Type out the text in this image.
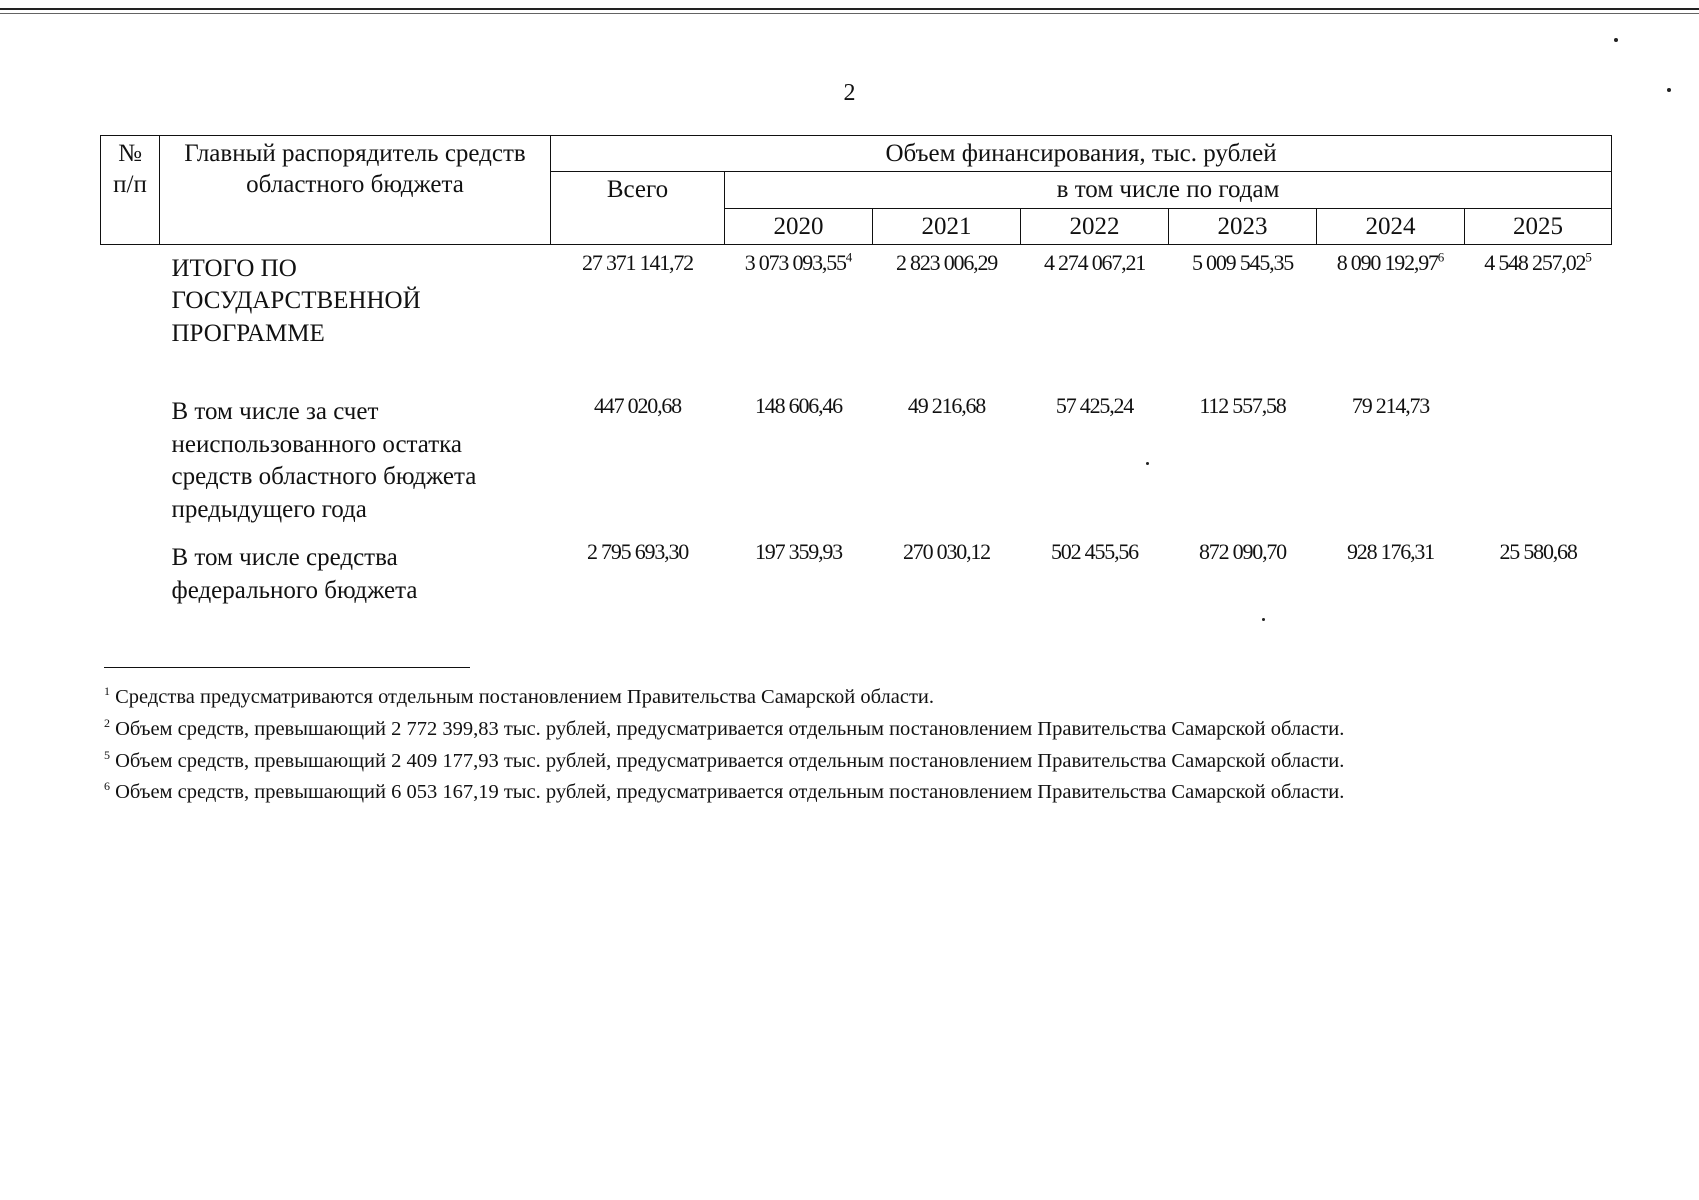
2
№ п/п	Главный распорядитель средств областного бюджета	Объем финансирования, тыс. рублей						
		Всего	в том числе по годам					
			2020	2021	2022	2023	2024	2025
	ИТОГО ПО ГОСУДАРСТВЕННОЙ ПРОГРАММЕ	27 371 141,72	3 073 093,55$^4$	2 823 006,29	4 274 067,21	5 009 545,35	8 090 192,97$^6$	4 548 257,02$^5$

	В том числе за счет неиспользованного остатка средств областного бюджета предыдущего года	447 020,68	148 606,46	49 216,68	57 425,24	112 557,58	79 214,73	
	В том числе средства федерального бюджета	2 795 693,30	197 359,93	270 030,12	502 455,56	872 090,70	928 176,31	25 580,68
$^1$ Средства предусматриваются отдельным постановлением Правительства Самарской области.
$^2$ Объем средств, превышающий 2 772 399,83 тыс. рублей, предусматривается отдельным постановлением Правительства Самарской области.
$^5$ Объем средств, превышающий 2 409 177,93 тыс. рублей, предусматривается отдельным постановлением Правительства Самарской области.
$^6$ Объем средств, превышающий 6 053 167,19 тыс. рублей, предусматривается отдельным постановлением Правительства Самарской области.
